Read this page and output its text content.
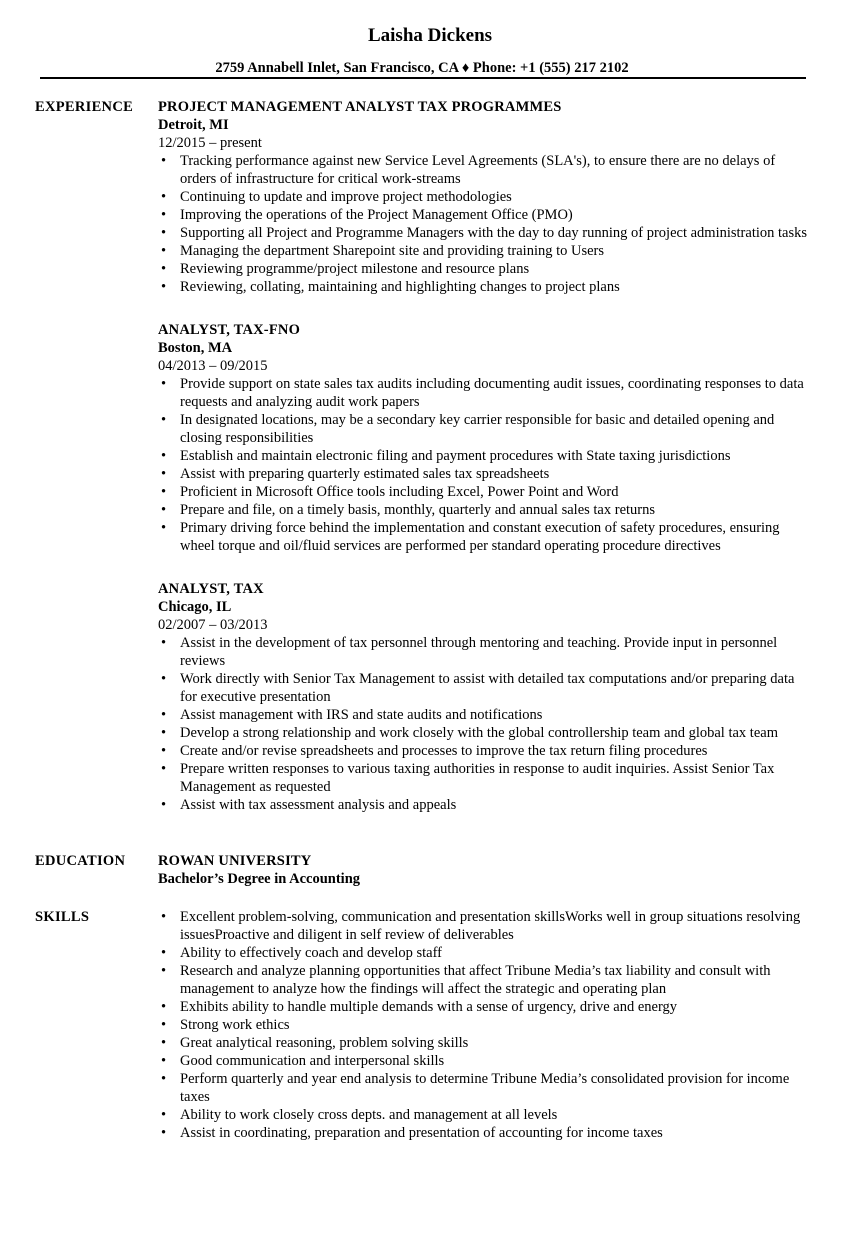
Laisha Dickens
2759 Annabell Inlet, San Francisco, CA ♦ Phone: +1 (555) 217 2102
EXPERIENCE PROJECT MANAGEMENT ANALYST TAX PROGRAMMES
Detroit, MI
12/2015 – present
• Tracking performance against new Service Level Agreements (SLA's), to ensure there are no delays of orders of infrastructure for critical work-streams
• Continuing to update and improve project methodologies
• Improving the operations of the Project Management Office (PMO)
• Supporting all Project and Programme Managers with the day to day running of project administration tasks
• Managing the department Sharepoint site and providing training to Users
• Reviewing programme/project milestone and resource plans
• Reviewing, collating, maintaining and highlighting changes to project plans
ANALYST, TAX-FNO
Boston, MA
04/2013 – 09/2015
• Provide support on state sales tax audits including documenting audit issues, coordinating responses to data requests and analyzing audit work papers
• In designated locations, may be a secondary key carrier responsible for basic and detailed opening and closing responsibilities
• Establish and maintain electronic filing and payment procedures with State taxing jurisdictions
• Assist with preparing quarterly estimated sales tax spreadsheets
• Proficient in Microsoft Office tools including Excel, Power Point and Word
• Prepare and file, on a timely basis, monthly, quarterly and annual sales tax returns
• Primary driving force behind the implementation and constant execution of safety procedures, ensuring wheel torque and oil/fluid services are performed per standard operating procedure directives
ANALYST, TAX
Chicago, IL
02/2007 – 03/2013
• Assist in the development of tax personnel through mentoring and teaching. Provide input in personnel reviews
• Work directly with Senior Tax Management to assist with detailed tax computations and/or preparing data for executive presentation
• Assist management with IRS and state audits and notifications
• Develop a strong relationship and work closely with the global controllership team and global tax team
• Create and/or revise spreadsheets and processes to improve the tax return filing procedures
• Prepare written responses to various taxing authorities in response to audit inquiries. Assist Senior Tax Management as requested
• Assist with tax assessment analysis and appeals
EDUCATION ROWAN UNIVERSITY
Bachelor’s Degree in Accounting
SKILLS	• Excellent problem-solving, communication and presentation skillsWorks well in group situations resolving issuesProactive and diligent in self review of deliverables
• Ability to effectively coach and develop staff
• Research and analyze planning opportunities that affect Tribune Media’s tax liability and consult with management to analyze how the findings will affect the strategic and operating plan
• Exhibits ability to handle multiple demands with a sense of urgency, drive and energy
• Strong work ethics
• Great analytical reasoning, problem solving skills
• Good communication and interpersonal skills
• Perform quarterly and year end analysis to determine Tribune Media’s consolidated provision for income taxes
• Ability to work closely cross depts. and management at all levels
• Assist in coordinating, preparation and presentation of accounting for income taxes
